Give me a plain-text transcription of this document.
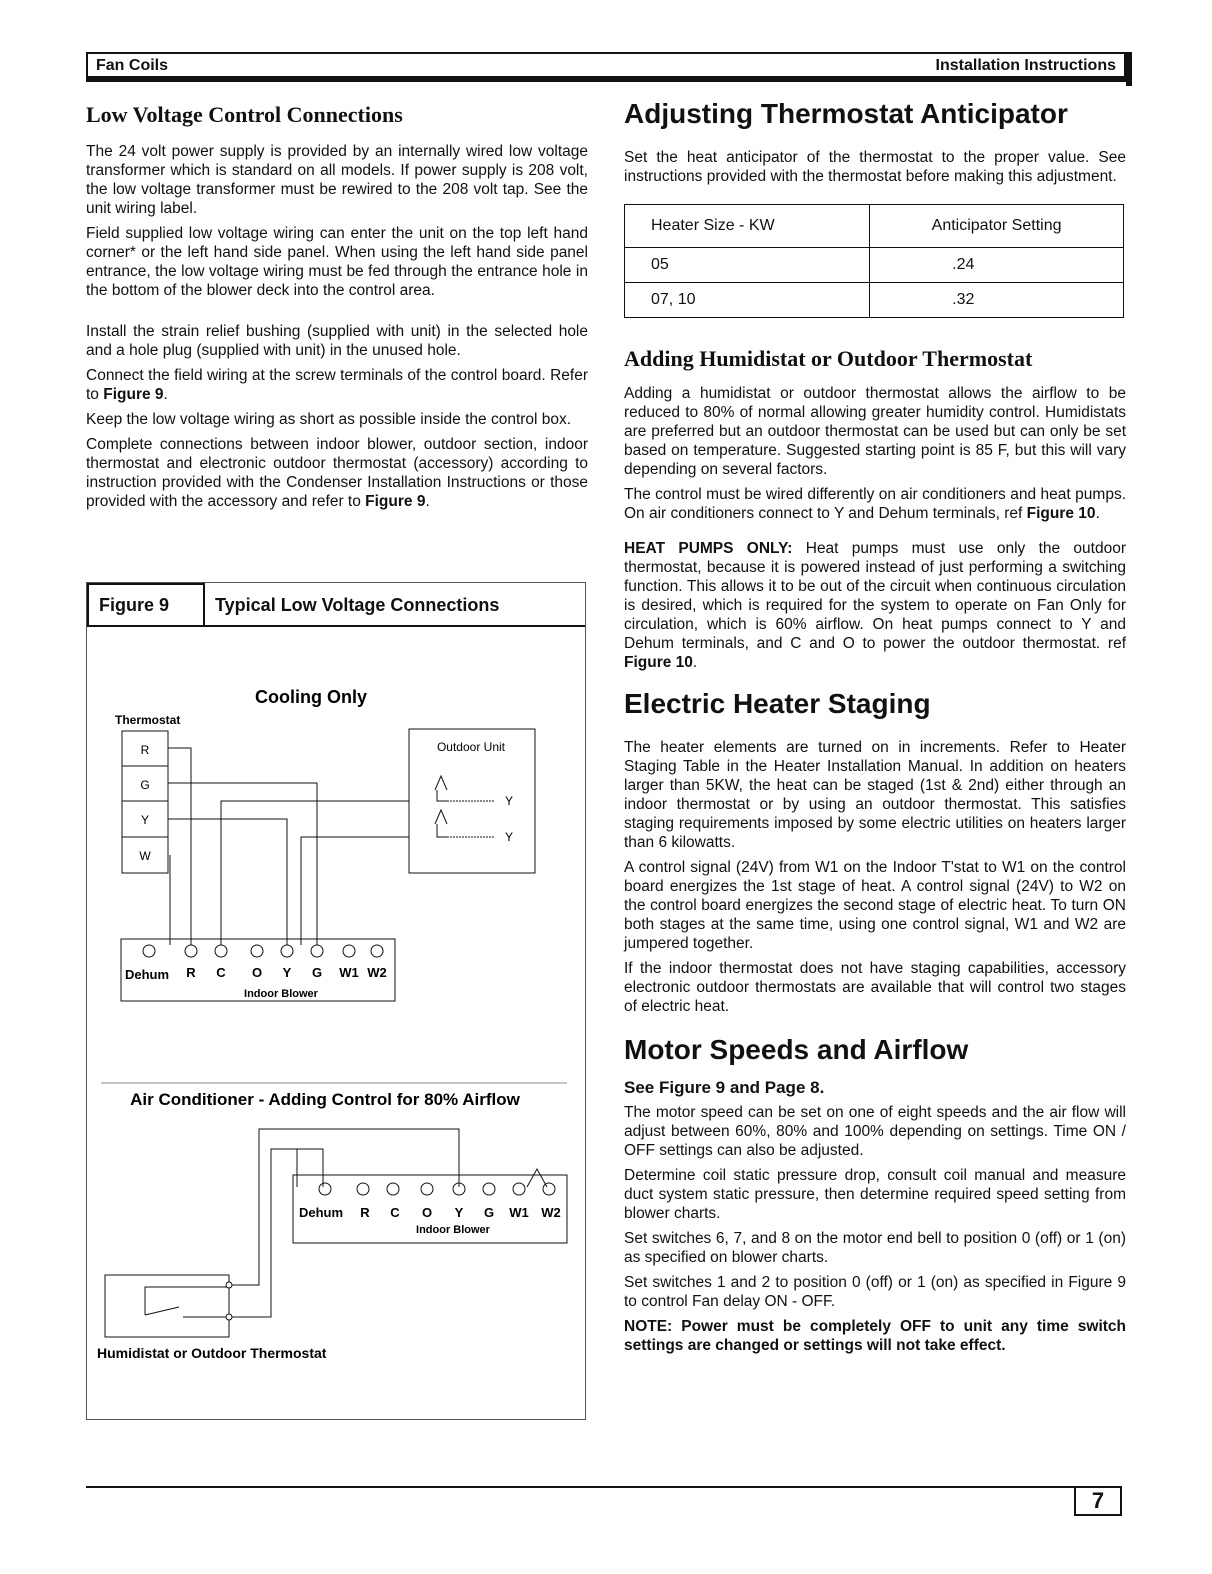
Fan Coils	Installation Instructions
Low Voltage Control Connections

The 24 volt power supply is provided by an internally wired low voltage transformer which is standard on all models. If power supply is 208 volt, the low voltage transformer must be rewired to the 208 volt tap. See the unit wiring label.

Field supplied low voltage wiring can enter the unit on the top left hand corner* or the left hand side panel. When using the left hand side panel entrance, the low voltage wiring must be fed through the entrance hole in the bottom of the blower deck into the control area.

Install the strain relief bushing (supplied with unit) in the selected hole and a hole plug (supplied with unit) in the unused hole.

Connect the field wiring at the screw terminals of the control board. Refer to Figure 9.

Keep the low voltage wiring as short as possible inside the control box.

Complete connections between indoor blower, outdoor section, indoor thermostat and electronic outdoor thermostat (accessory) according to instruction provided with the Condenser Installation Instructions or those provided with the accessory and refer to Figure 9.

Figure 9	Typical Low Voltage Connections
Cooling Only
Thermostat
R
G
Y
W
Outdoor Unit
Y
Y
Dehum R C O Y G W1 W2
Indoor Blower
Air Conditioner - Adding Control for 80% Airflow
Dehum R C O Y G W1 W2
Indoor Blower
Humidistat or Outdoor Thermostat
Adjusting Thermostat Anticipator

Set the heat anticipator of the thermostat to the proper value. See instructions provided with the thermostat before making this adjustment.

Heater Size - KW	Anticipator Setting
05	.24
07, 10	.32
Adding Humidistat or Outdoor Thermostat

Adding a humidistat or outdoor thermostat allows the airflow to be reduced to 80% of normal allowing greater humidity control. Humidistats are preferred but an outdoor thermostat can be used but can only be set based on temperature. Suggested starting point is 85 F, but this will vary depending on several factors.

The control must be wired differently on air conditioners and heat pumps. On air conditioners connect to Y and Dehum terminals, ref Figure 10.

HEAT PUMPS ONLY: Heat pumps must use only the outdoor thermostat, because it is powered instead of just performing a switching function. This allows it to be out of the circuit when continuous circulation is desired, which is required for the system to operate on Fan Only for circulation, which is 60% airflow. On heat pumps connect to Y and Dehum terminals, and C and O to power the outdoor thermostat. ref Figure 10.

Electric Heater Staging

The heater elements are turned on in increments. Refer to Heater Staging Table in the Heater Installation Manual. In addition on heaters larger than 5KW, the heat can be staged (1st & 2nd) either through an indoor thermostat or by using an outdoor thermostat. This satisfies staging requirements imposed by some electric utilities on heaters larger than 6 kilowatts.

A control signal (24V) from W1 on the Indoor T'stat to W1 on the control board energizes the 1st stage of heat. A control signal (24V) to W2 on the control board energizes the second stage of electric heat. To turn ON both stages at the same time, using one control signal, W1 and W2 are jumpered together.

If the indoor thermostat does not have staging capabilities, accessory electronic outdoor thermostats are available that will control two stages of electric heat.

Motor Speeds and Airflow

See Figure 9 and Page 8.

The motor speed can be set on one of eight speeds and the air flow will adjust between 60%, 80% and 100% depending on settings. Time ON / OFF settings can also be adjusted.

Determine coil static pressure drop, consult coil manual and measure duct system static pressure, then determine required speed setting from blower charts.

Set switches 6, 7, and 8 on the motor end bell to position 0 (off) or 1 (on) as specified on blower charts.

Set switches 1 and 2 to position 0 (off) or 1 (on) as specified in Figure 9 to control Fan delay ON - OFF.

NOTE: Power must be completely OFF to unit any time switch settings are changed or settings will not take effect.

7
